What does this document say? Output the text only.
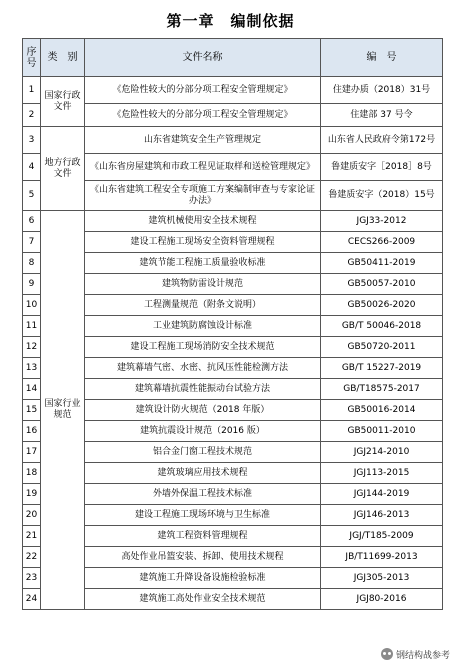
第一章　编制依据
序号	类　别	文件名称	编　号
1	国家行政文件	《危险性较大的分部分项工程安全管理规定》	住建办质（2018）31号
2		《危险性较大的分部分项工程安全管理规定》	住建部 37 号令
3	地方行政文件	山东省建筑安全生产管理规定	山东省人民政府令第172号
4		《山东省房屋建筑和市政工程见证取样和送检管理规定》	鲁建质安字［2018］8号
5		《山东省建筑工程安全专项施工方案编制审查与专家论证办法》	鲁建质安字（2018）15号
6	国家行业规范	建筑机械使用安全技术规程	JGJ33-2012
7		建设工程施工现场安全资料管理规程	CECS266-2009
8		建筑节能工程施工质量验收标准	GB50411-2019
9		建筑物防雷设计规范	GB50057-2010
10		工程测量规范（附条文说明）	GB50026-2020
11		工业建筑防腐蚀设计标准	GB/T 50046-2018
12		建设工程施工现场消防安全技术规范	GB50720-2011
13		建筑幕墙气密、水密、抗风压性能检测方法	GB/T 15227-2019
14		建筑幕墙抗震性能振动台试验方法	GB/T18575-2017
15		建筑设计防火规范（2018 年版）	GB50016-2014
16		建筑抗震设计规范（2016 版）	GB50011-2010
17		铝合金门窗工程技术规范	JGJ214-2010
18		建筑玻璃应用技术规程	JGJ113-2015
19		外墙外保温工程技术标准	JGJ144-2019
20		建设工程施工现场环境与卫生标准	JGJ146-2013
21		建筑工程资料管理规程	JGJ/T185-2009
22		高处作业吊篮安装、拆卸、使用技术规程	JB/T11699-2013
23		建筑施工升降设备设施检验标准	JGJ305-2013
24		建筑施工高处作业安全技术规范	JGJ80-2016
钢结构战参考
